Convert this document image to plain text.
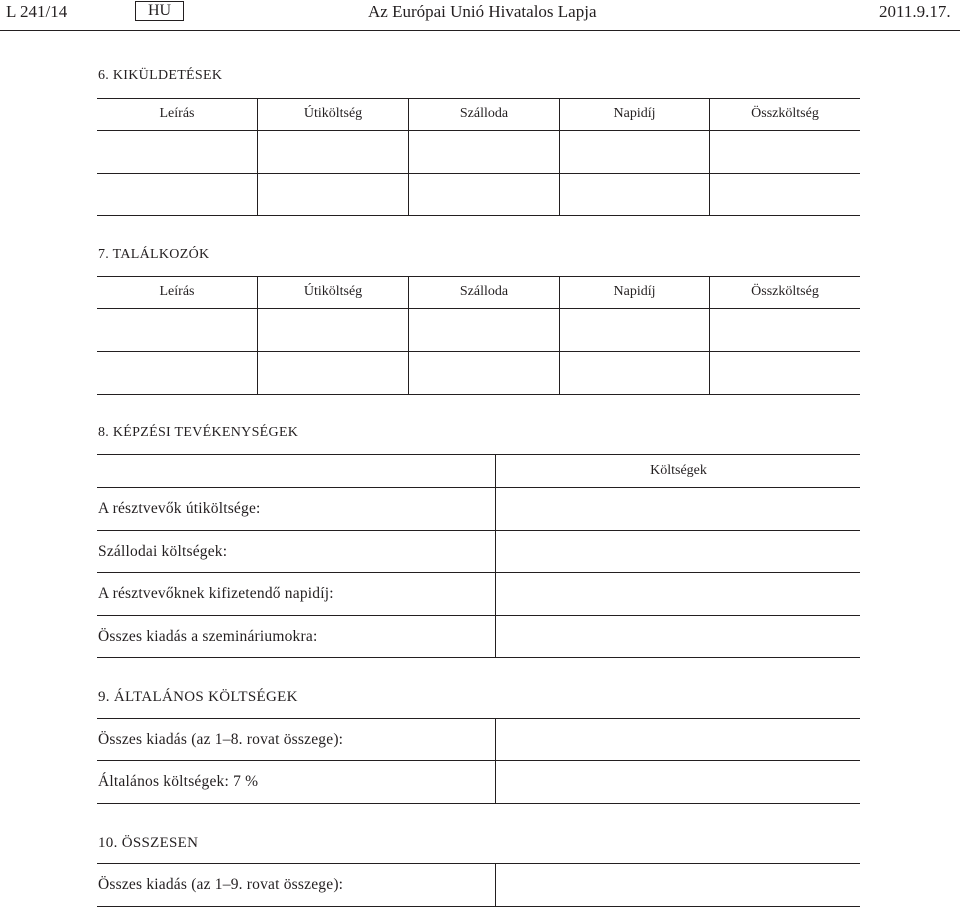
L 241/14	HU	Az Európai Unió Hivatalos Lapja	2011.9.17.
6. KIKÜLDETÉSEK
Leírás	Útiköltség	Szálloda	Napidíj	Összköltség
7. TALÁLKOZÓK
Leírás	Útiköltség	Szálloda	Napidíj	Összköltség
8. KÉPZÉSI TEVÉKENYSÉGEK
Költségek
A résztvevők útiköltsége:
Szállodai költségek:
A résztvevőknek kifizetendő napidíj:
Összes kiadás a szemináriumokra:
9. ÁLTALÁNOS KÖLTSÉGEK
Összes kiadás (az 1–8. rovat összege):
Általános költségek: 7 %
10. ÖSSZESEN
Összes kiadás (az 1–9. rovat összege):
